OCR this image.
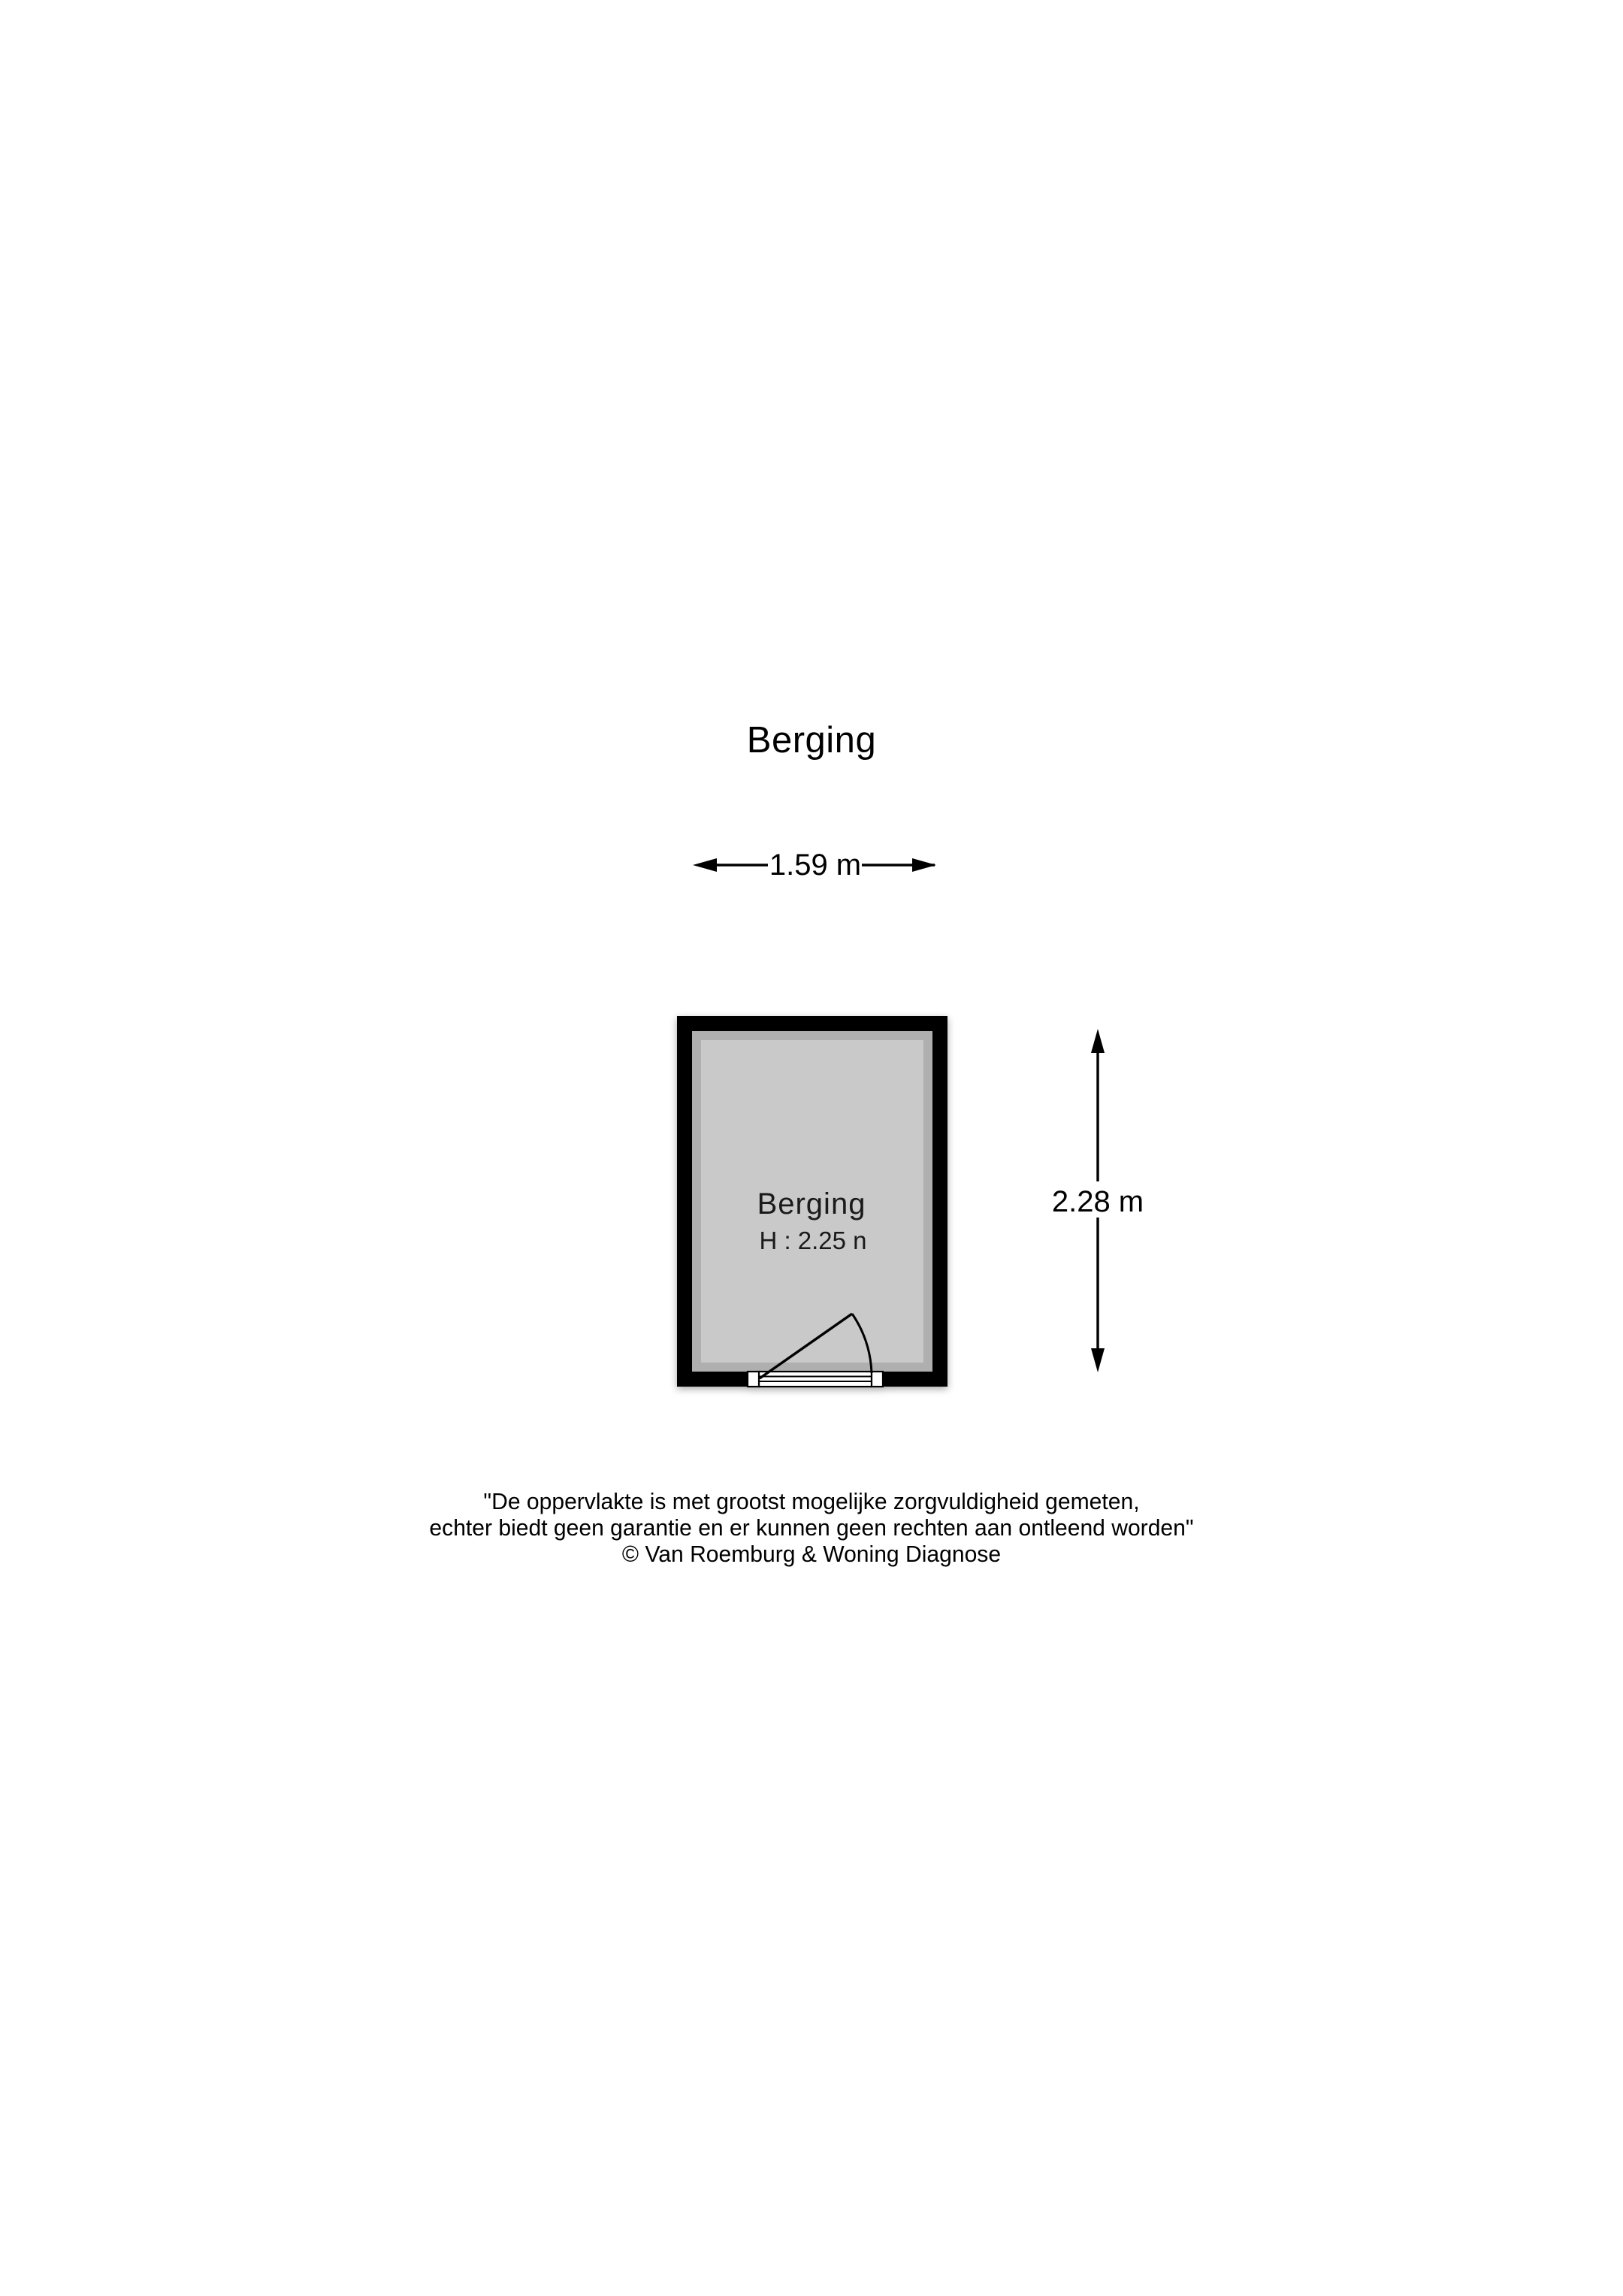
Berging
1.59 m
2.28 m
Berging
H : 2.25 n
"De oppervlakte is met grootst mogelijke zorgvuldigheid gemeten,
echter biedt geen garantie en er kunnen geen rechten aan ontleend worden"
© Van Roemburg & Woning Diagnose
